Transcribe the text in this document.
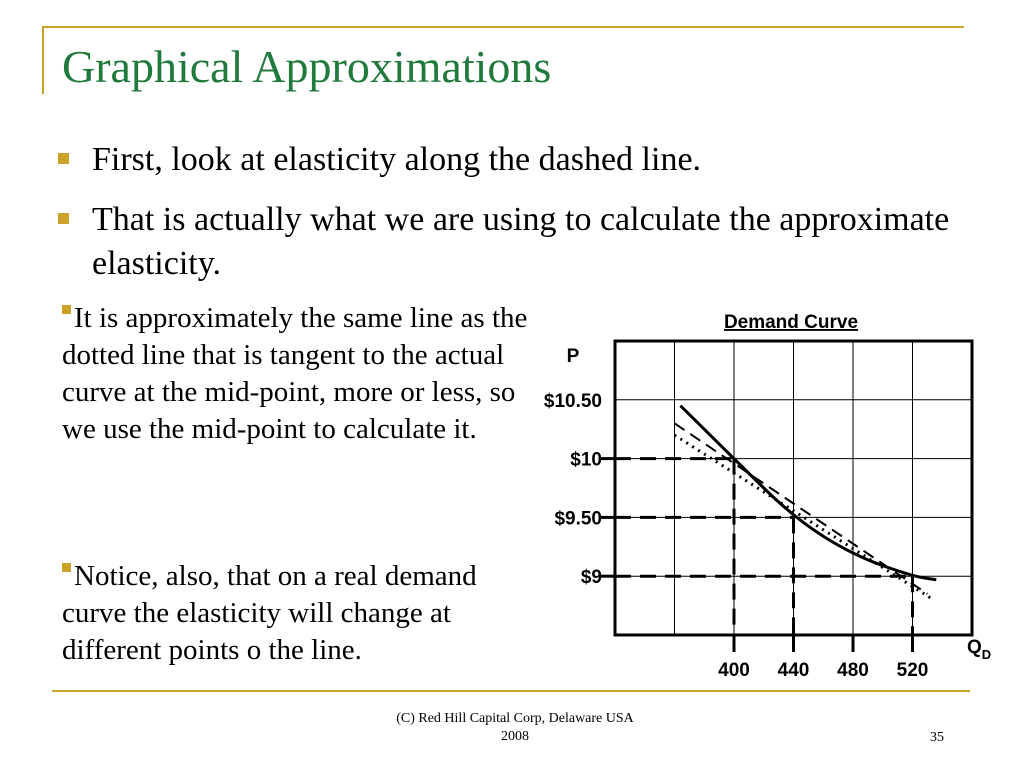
Graphical Approximations
First, look at elasticity along the dashed line.
That is actually what we are using to calculate the approximate elasticity.
It is approximately the same line as the dotted line that is tangent to the actual curve at the mid-point, more or less, so we use the mid-point to calculate it.
Notice, also, that on a real demand curve the elasticity will change at different points o the line.
Demand Curve
P
$Q_D$
$10.50
$10
$9.50
$9
400 440 480 520
(C) Red Hill Capital Corp, Delaware USA
2008	35
